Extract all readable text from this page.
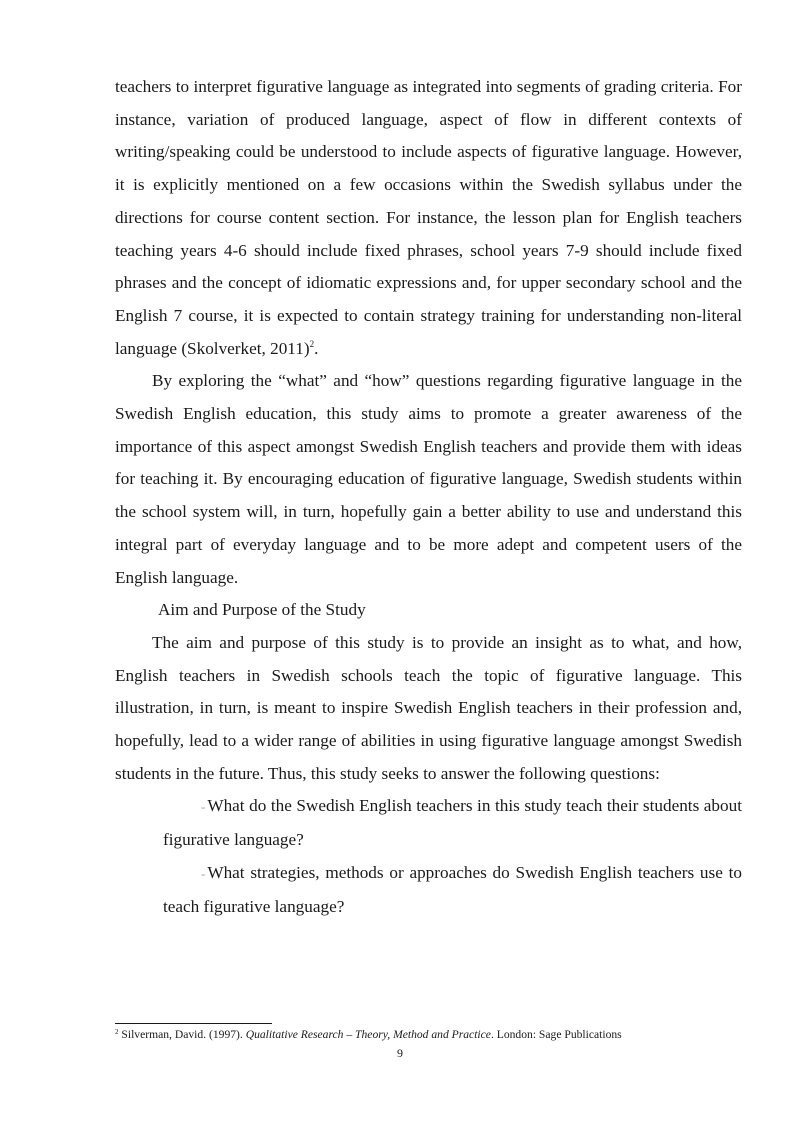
teachers to interpret figurative language as integrated into segments of grading criteria. For instance, variation of produced language, aspect of flow in different contexts of writing/speaking could be understood to include aspects of figurative language. However, it is explicitly mentioned on a few occasions within the Swedish syllabus under the directions for course content section. For instance, the lesson plan for English teachers teaching years 4-6 should include fixed phrases, school years 7-9 should include fixed phrases and the concept of idiomatic expressions and, for upper secondary school and the English 7 course, it is expected to contain strategy training for understanding non-literal language (Skolverket, 2011)$^2$.

By exploring the “what” and “how” questions regarding figurative language in the Swedish English education, this study aims to promote a greater awareness of the importance of this aspect amongst Swedish English teachers and provide them with ideas for teaching it. By encouraging education of figurative language, Swedish students within the school system will, in turn, hopefully gain a better ability to use and understand this integral part of everyday language and to be more adept and competent users of the English language.

Aim and Purpose of the Study

The aim and purpose of this study is to provide an insight as to what, and how, English teachers in Swedish schools teach the topic of figurative language. This illustration, in turn, is meant to inspire Swedish English teachers in their profession and, hopefully, lead to a wider range of abilities in using figurative language amongst Swedish students in the future. Thus, this study seeks to answer the following questions:

- What do the Swedish English teachers in this study teach their students about figurative language?

- What strategies, methods or approaches do Swedish English teachers use to teach figurative language?

$^2$ Silverman, David. (1997). Qualitative Research – Theory, Method and Practice. London: Sage Publications
9
